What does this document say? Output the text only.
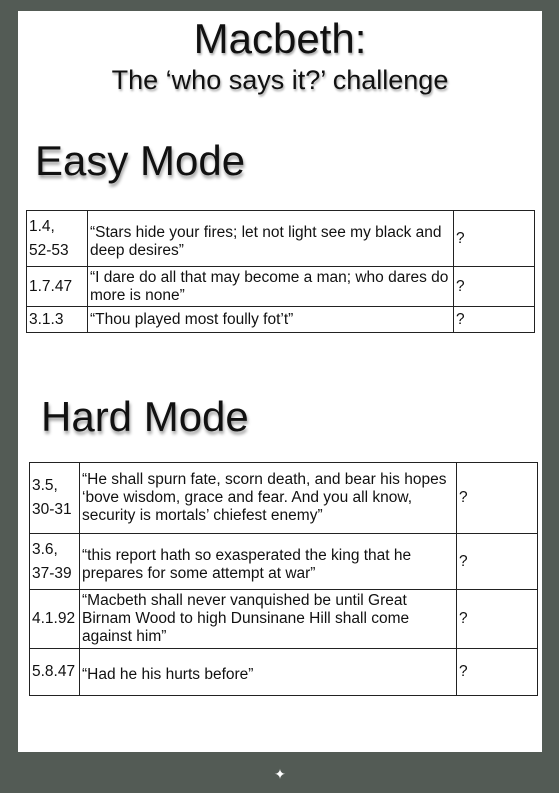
Macbeth:
The ‘who says it?’ challenge
Easy Mode
1.4,
52-53	“Stars hide your fires; let not light see my black and deep desires”	?

1.7.47	“I dare do all that may become a man; who dares do more is none”	?

3.1.3	“Thou played most foully fot’t”	?
Hard Mode
3.5,
30-31	“He shall spurn fate, scorn death, and bear his hopes ‘bove wisdom, grace and fear. And you all know, security is mortals’ chiefest enemy”	?

3.6,
37-39	“this report hath so exasperated the king that he prepares for some attempt at war”	?

4.1.92	“Macbeth shall never vanquished be until Great Birnam Wood to high Dunsinane Hill shall come against him”	?

5.8.47	“Had he his hurts before”	?
✦
